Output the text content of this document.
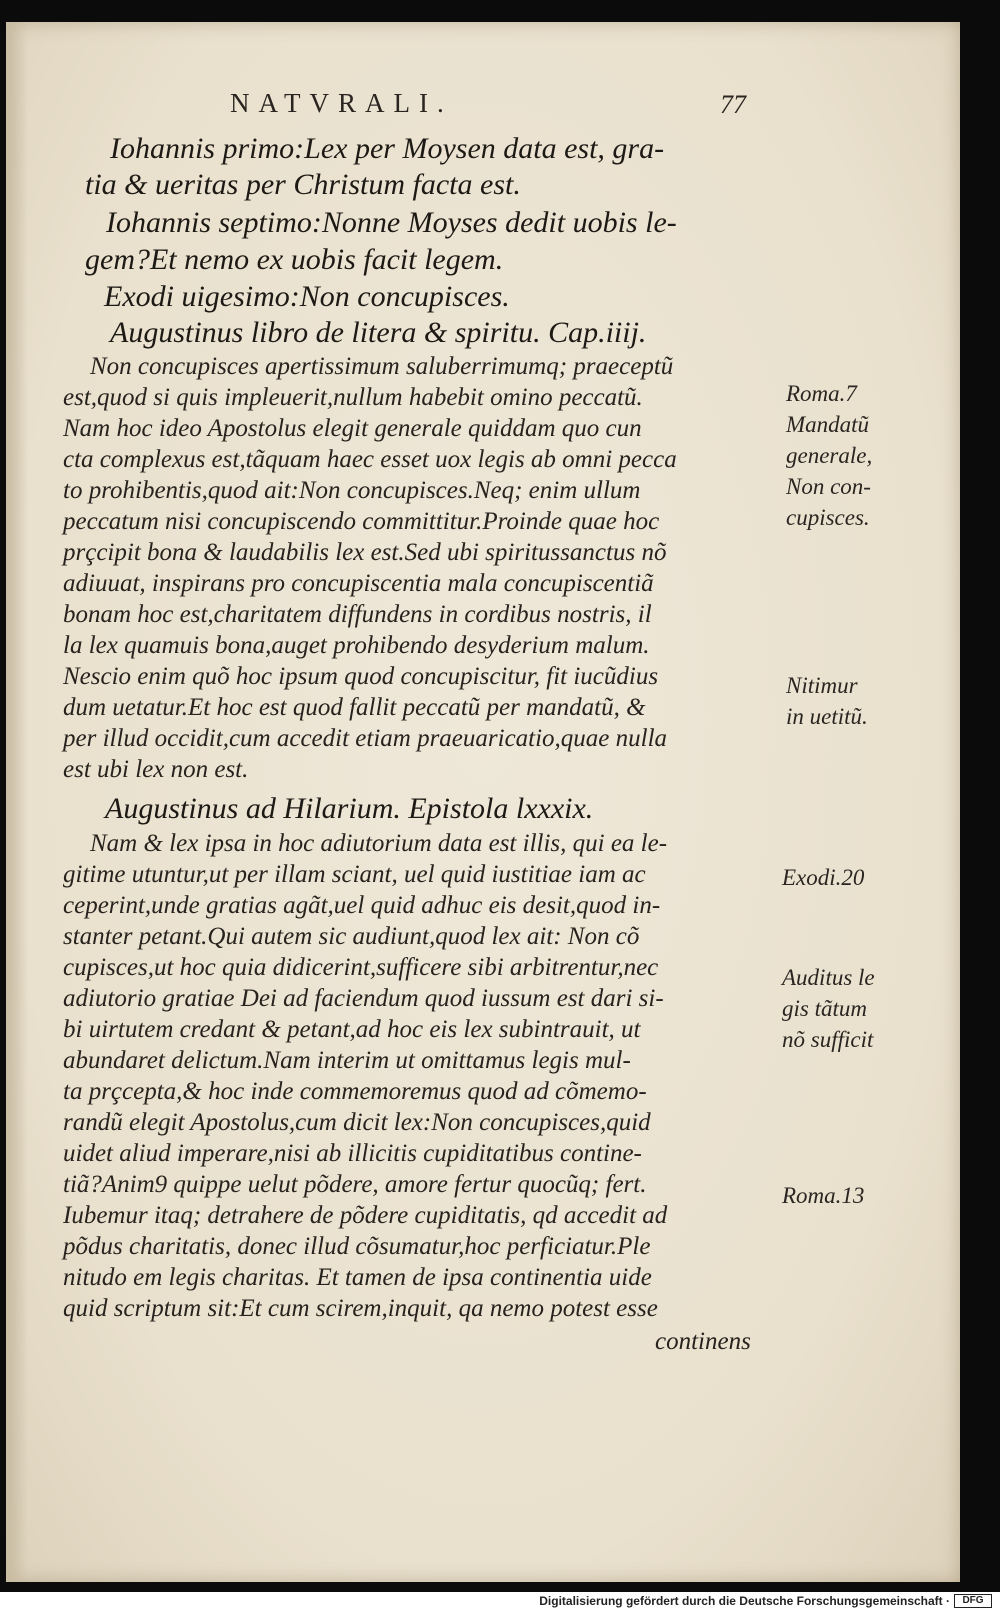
NATVRALI.	77
Iohannis primo:Lex per Moysen data est, gra-
tia & ueritas per Christum facta est.
Iohannis septimo:Nonne Moyses dedit uobis le-
gem?Et nemo ex uobis facit legem.
Exodi uigesimo:Non concupisces.
Augustinus libro de litera & spiritu. Cap.iiij.
Non concupisces apertissimum saluberrimumq; praeceptũ
est,quod si quis impleuerit,nullum habebit omino peccatũ.
Nam hoc ideo Apostolus elegit generale quiddam quo cun
cta complexus est,tãquam haec esset uox legis ab omni pecca
to prohibentis,quod ait:Non concupisces.Neq; enim ullum
peccatum nisi concupiscendo committitur.Proinde quae hoc
prçcipit bona & laudabilis lex est.Sed ubi spiritussanctus nõ
adiuuat, inspirans pro concupiscentia mala concupiscentiã
bonam hoc est,charitatem diffundens in cordibus nostris, il
la lex quamuis bona,auget prohibendo desyderium malum.
Nescio enim quõ hoc ipsum quod concupiscitur, fit iucũdius
dum uetatur.Et hoc est quod fallit peccatũ per mandatũ, &
per illud occidit,cum accedit etiam praeuaricatio,quae nulla
est ubi lex non est.
Augustinus ad Hilarium. Epistola lxxxix.
Nam & lex ipsa in hoc adiutorium data est illis, qui ea le-
gitime utuntur,ut per illam sciant, uel quid iustitiae iam ac
ceperint,unde gratias agãt,uel quid adhuc eis desit,quod in-
stanter petant.Qui autem sic audiunt,quod lex ait: Non cõ
cupisces,ut hoc quia didicerint,sufficere sibi arbitrentur,nec
adiutorio gratiae Dei ad faciendum quod iussum est dari si-
bi uirtutem credant & petant,ad hoc eis lex subintrauit, ut
abundaret delictum.Nam interim ut omittamus legis mul-
ta prçcepta,& hoc inde commemoremus quod ad cõmemo-
randũ elegit Apostolus,cum dicit lex:Non concupisces,quid
uidet aliud imperare,nisi ab illicitis cupiditatibus contine-
tiã?Anim9 quippe uelut põdere, amore fertur quocũq; fert.
Iubemur itaq; detrahere de põdere cupiditatis, qd accedit ad
põdus charitatis, donec illud cõsumatur,hoc perficiatur.Ple
nitudo em legis charitas. Et tamen de ipsa continentia uide
quid scriptum sit:Et cum scirem,inquit, qa nemo potest esse
continens
Roma.7
Mandatũ
generale,
Non con-
cupisces.
Nitimur
in uetitũ.
Exodi.20
Auditus le
gis tãtum
nõ sufficit
Roma.13
Digitalisierung gefördert durch die Deutsche Forschungsgemeinschaft ·	DFG
